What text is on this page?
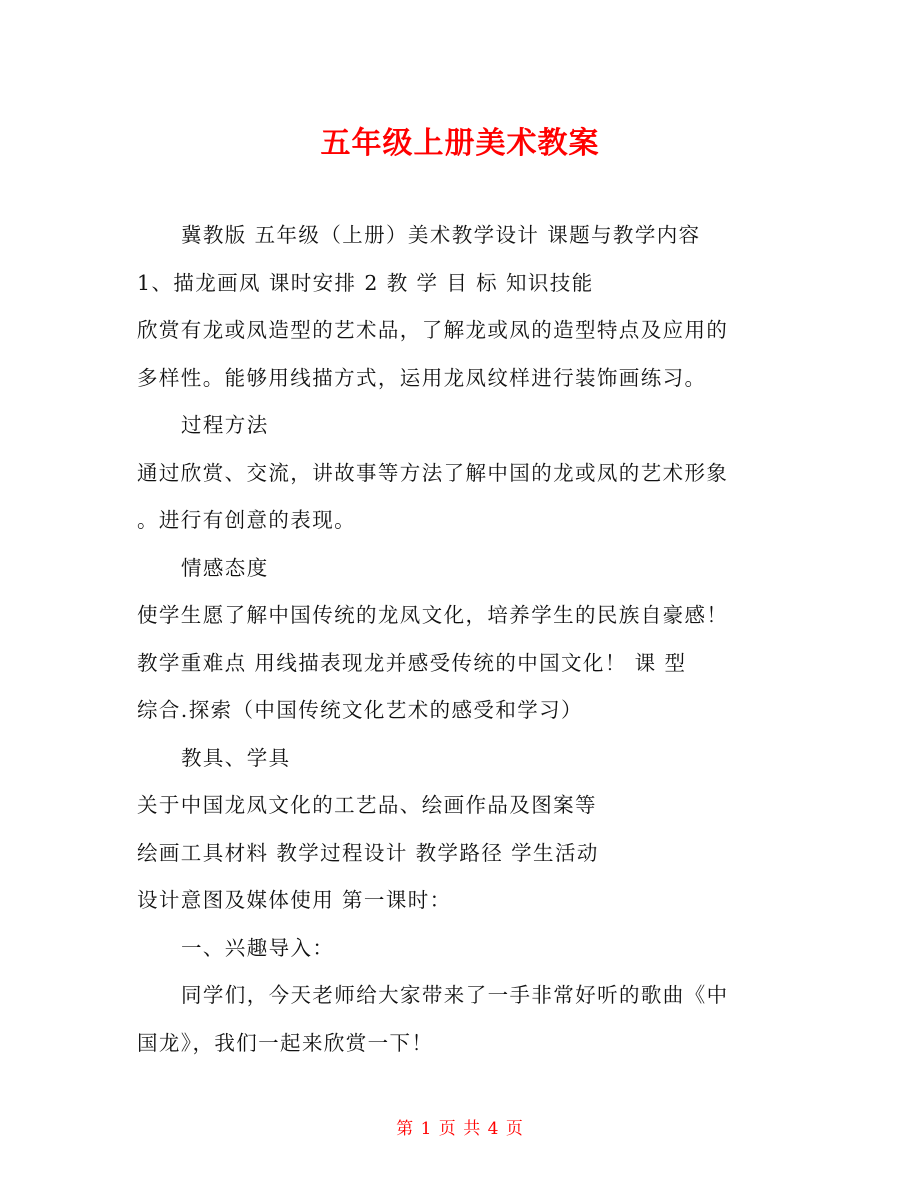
五年级上册美术教案
冀教版 五年级（上册）美术教学设计 课题与教学内容
1、描龙画凤 课时安排 2 教 学 目 标 知识技能
欣赏有龙或凤造型的艺术品，了解龙或凤的造型特点及应用的
多样性。能够用线描方式，运用龙凤纹样进行装饰画练习。
过程方法
通过欣赏、交流，讲故事等方法了解中国的龙或凤的艺术形象
。进行有创意的表现。
情感态度
使学生愿了解中国传统的龙凤文化，培养学生的民族自豪感！
教学重难点 用线描表现龙并感受传统的中国文化！ 课 型
综合.探索（中国传统文化艺术的感受和学习）
教具、学具
关于中国龙凤文化的工艺品、绘画作品及图案等
绘画工具材料 教学过程设计 教学路径 学生活动
设计意图及媒体使用 第一课时：
一、兴趣导入：
同学们，今天老师给大家带来了一手非常好听的歌曲《中
国龙》，我们一起来欣赏一下！
第 1 页 共 4 页
